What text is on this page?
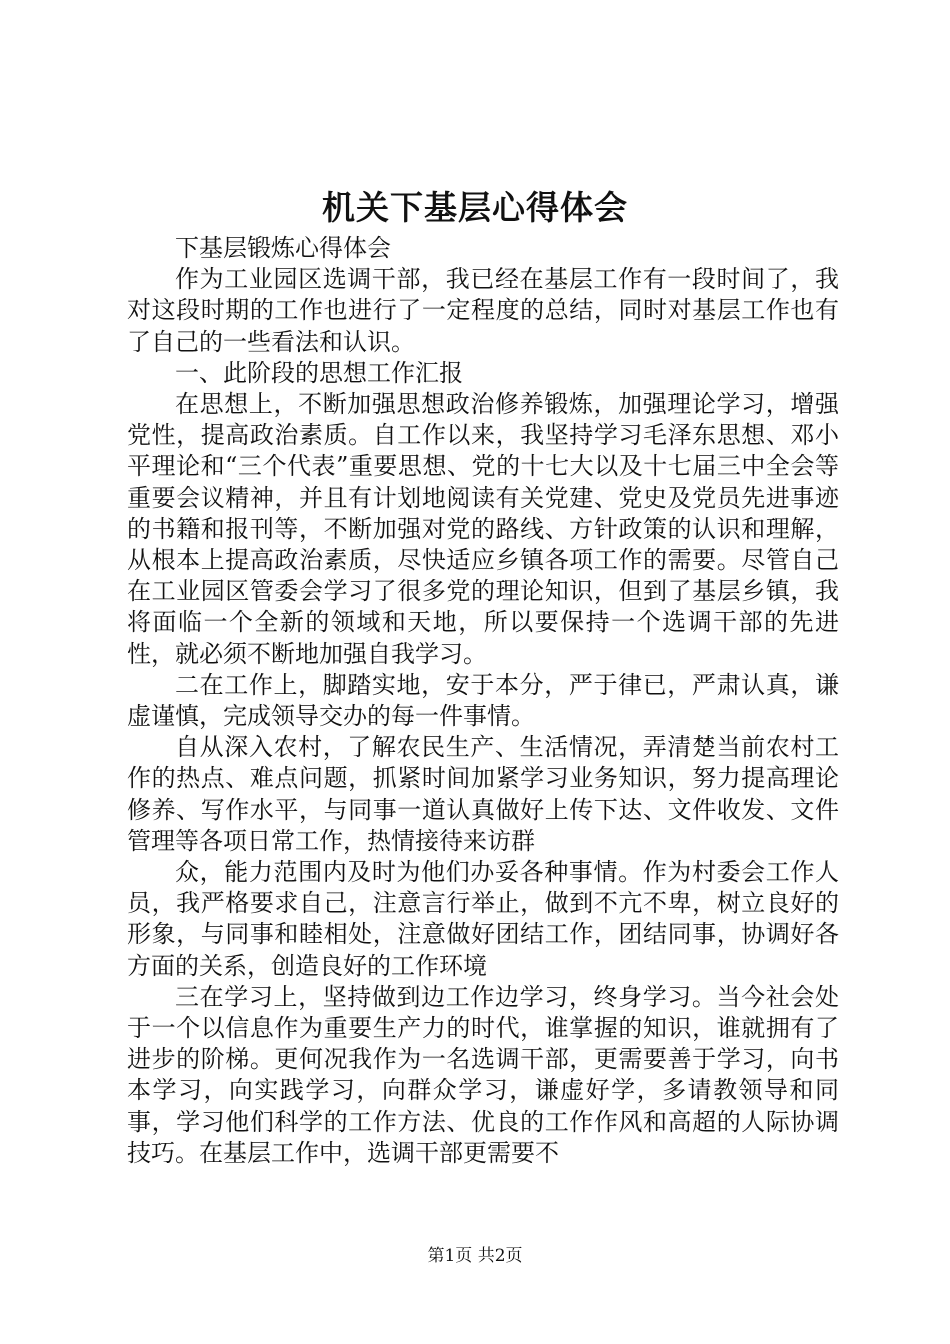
机关下基层心得体会

下基层锻炼心得体会

作为工业园区选调干部，我已经在基层工作有一段时间了，我对这段时期的工作也进行了一定程度的总结，同时对基层工作也有了自己的一些看法和认识。

一、此阶段的思想工作汇报

在思想上，不断加强思想政治修养锻炼，加强理论学习，增强党性，提高政治素质。自工作以来，我坚持学习毛泽东思想、邓小平理论和“三个代表”重要思想、党的十七大以及十七届三中全会等重要会议精神，并且有计划地阅读有关党建、党史及党员先进事迹的书籍和报刊等，不断加强对党的路线、方针政策的认识和理解，从根本上提高政治素质，尽快适应乡镇各项工作的需要。尽管自己在工业园区管委会学习了很多党的理论知识，但到了基层乡镇，我将面临一个全新的领域和天地，所以要保持一个选调干部的先进性，就必须不断地加强自我学习。

二在工作上，脚踏实地，安于本分，严于律已，严肃认真，谦虚谨慎，完成领导交办的每一件事情。

自从深入农村，了解农民生产、生活情况，弄清楚当前农村工作的热点、难点问题，抓紧时间加紧学习业务知识，努力提高理论修养、写作水平，与同事一道认真做好上传下达、文件收发、文件管理等各项日常工作，热情接待来访群

众，能力范围内及时为他们办妥各种事情。作为村委会工作人员，我严格要求自己，注意言行举止，做到不亢不卑，树立良好的形象，与同事和睦相处，注意做好团结工作，团结同事，协调好各方面的关系，创造良好的工作环境

三在学习上，坚持做到边工作边学习，终身学习。当今社会处于一个以信息作为重要生产力的时代，谁掌握的知识，谁就拥有了进步的阶梯。更何况我作为一名选调干部，更需要善于学习，向书本学习，向实践学习，向群众学习，谦虚好学，多请教领导和同事，学习他们科学的工作方法、优良的工作作风和高超的人际协调技巧。在基层工作中，选调干部更需要不

第1页 共2页
